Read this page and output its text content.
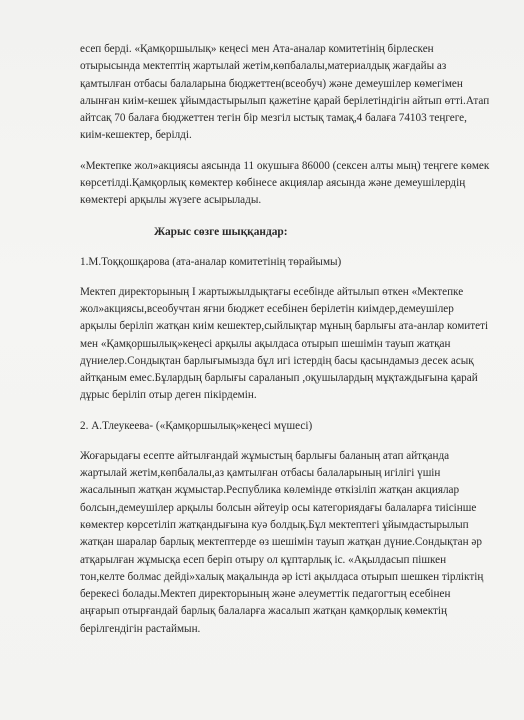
есеп берді. «Қамқоршылық» кеңесі мен Ата-аналар комитетінің бірлескен отырысында мектептің жартылай жетім,көпбалалы,материалдық жағдайы аз қамтылған отбасы балаларына бюджеттен(всеобуч) және демеушілер көмегімен алынған киім-кешек ұйымдастырылып қажетіне қарай берілетіндігін айтып өтті.Атап айтсақ 70 балаға бюджеттен тегін бір мезгіл ыстық тамақ,4 балаға 74103 теңгеге, киім-кешектер, берілді.

«Мектепке жол»акциясы аясында 11 окушыға 86000 (сексен алты мың) теңгеге көмек көрсетілді.Қамқорлық көмектер көбінесе акциялар аясында және демеушілердің көмектері арқылы жүзеге асырылады.

Жарыс сөзге шыққандар:

1.М.Тоққошқарова (ата-аналар комитетінің төрайымы)

Мектеп директорының І жартыжылдықтағы есебінде айтылып өткен «Мектепке жол»акциясы,всеобучтан яғни бюджет есебінен берілетін киімдер,демеушілер арқылы беріліп жатқан киім кешектер,сыйлықтар мұның барлығы ата-анлар комитеті мен «Қамқоршылық»кеңесі арқылы ақылдаса отырып шешімін тауып жатқан дүниелер.Сондықтан барлығымызда бұл игі істердің басы қасындамыз десек асық айтқаным емес.Бұлардың барлығы сараланып ,оқушылардың мұқтаждығына қарай дұрыс беріліп отыр деген пікірдемін.

2. А.Тлеукеева- («Қамқоршылық»кеңесі мүшесі)

Жоғарыдағы есепте айтылғандай жұмыстың барлығы баланың атап айтқанда жартылай жетім,көпбалалы,аз қамтылған отбасы балаларының игілігі үшін жасалынып жатқан жұмыстар.Республика көлемінде өткізіліп жатқан акциялар болсын,демеушілер арқылы болсын әйтеуір осы категориядағы балаларға тиісінше көмектер көрсетіліп жатқандығына куә болдық.Бұл мектептегі ұйымдастырылып жатқан шаралар барлық мектептерде өз шешімін тауып жатқан дүние.Сондықтан әр атқарылған жұмысқа есеп беріп отыру ол құптарлық іс. «Ақылдасып пішкен тон,келте болмас дейді»халық мақалында әр істі ақылдаса отырып шешкен тірліктің берекесі болады.Мектеп директорының және әлеуметтік педагогтың есебінен аңғарып отырғандай барлық балаларға жасалып жатқан қамқорлық көмектің берілгендігін растаймын.
